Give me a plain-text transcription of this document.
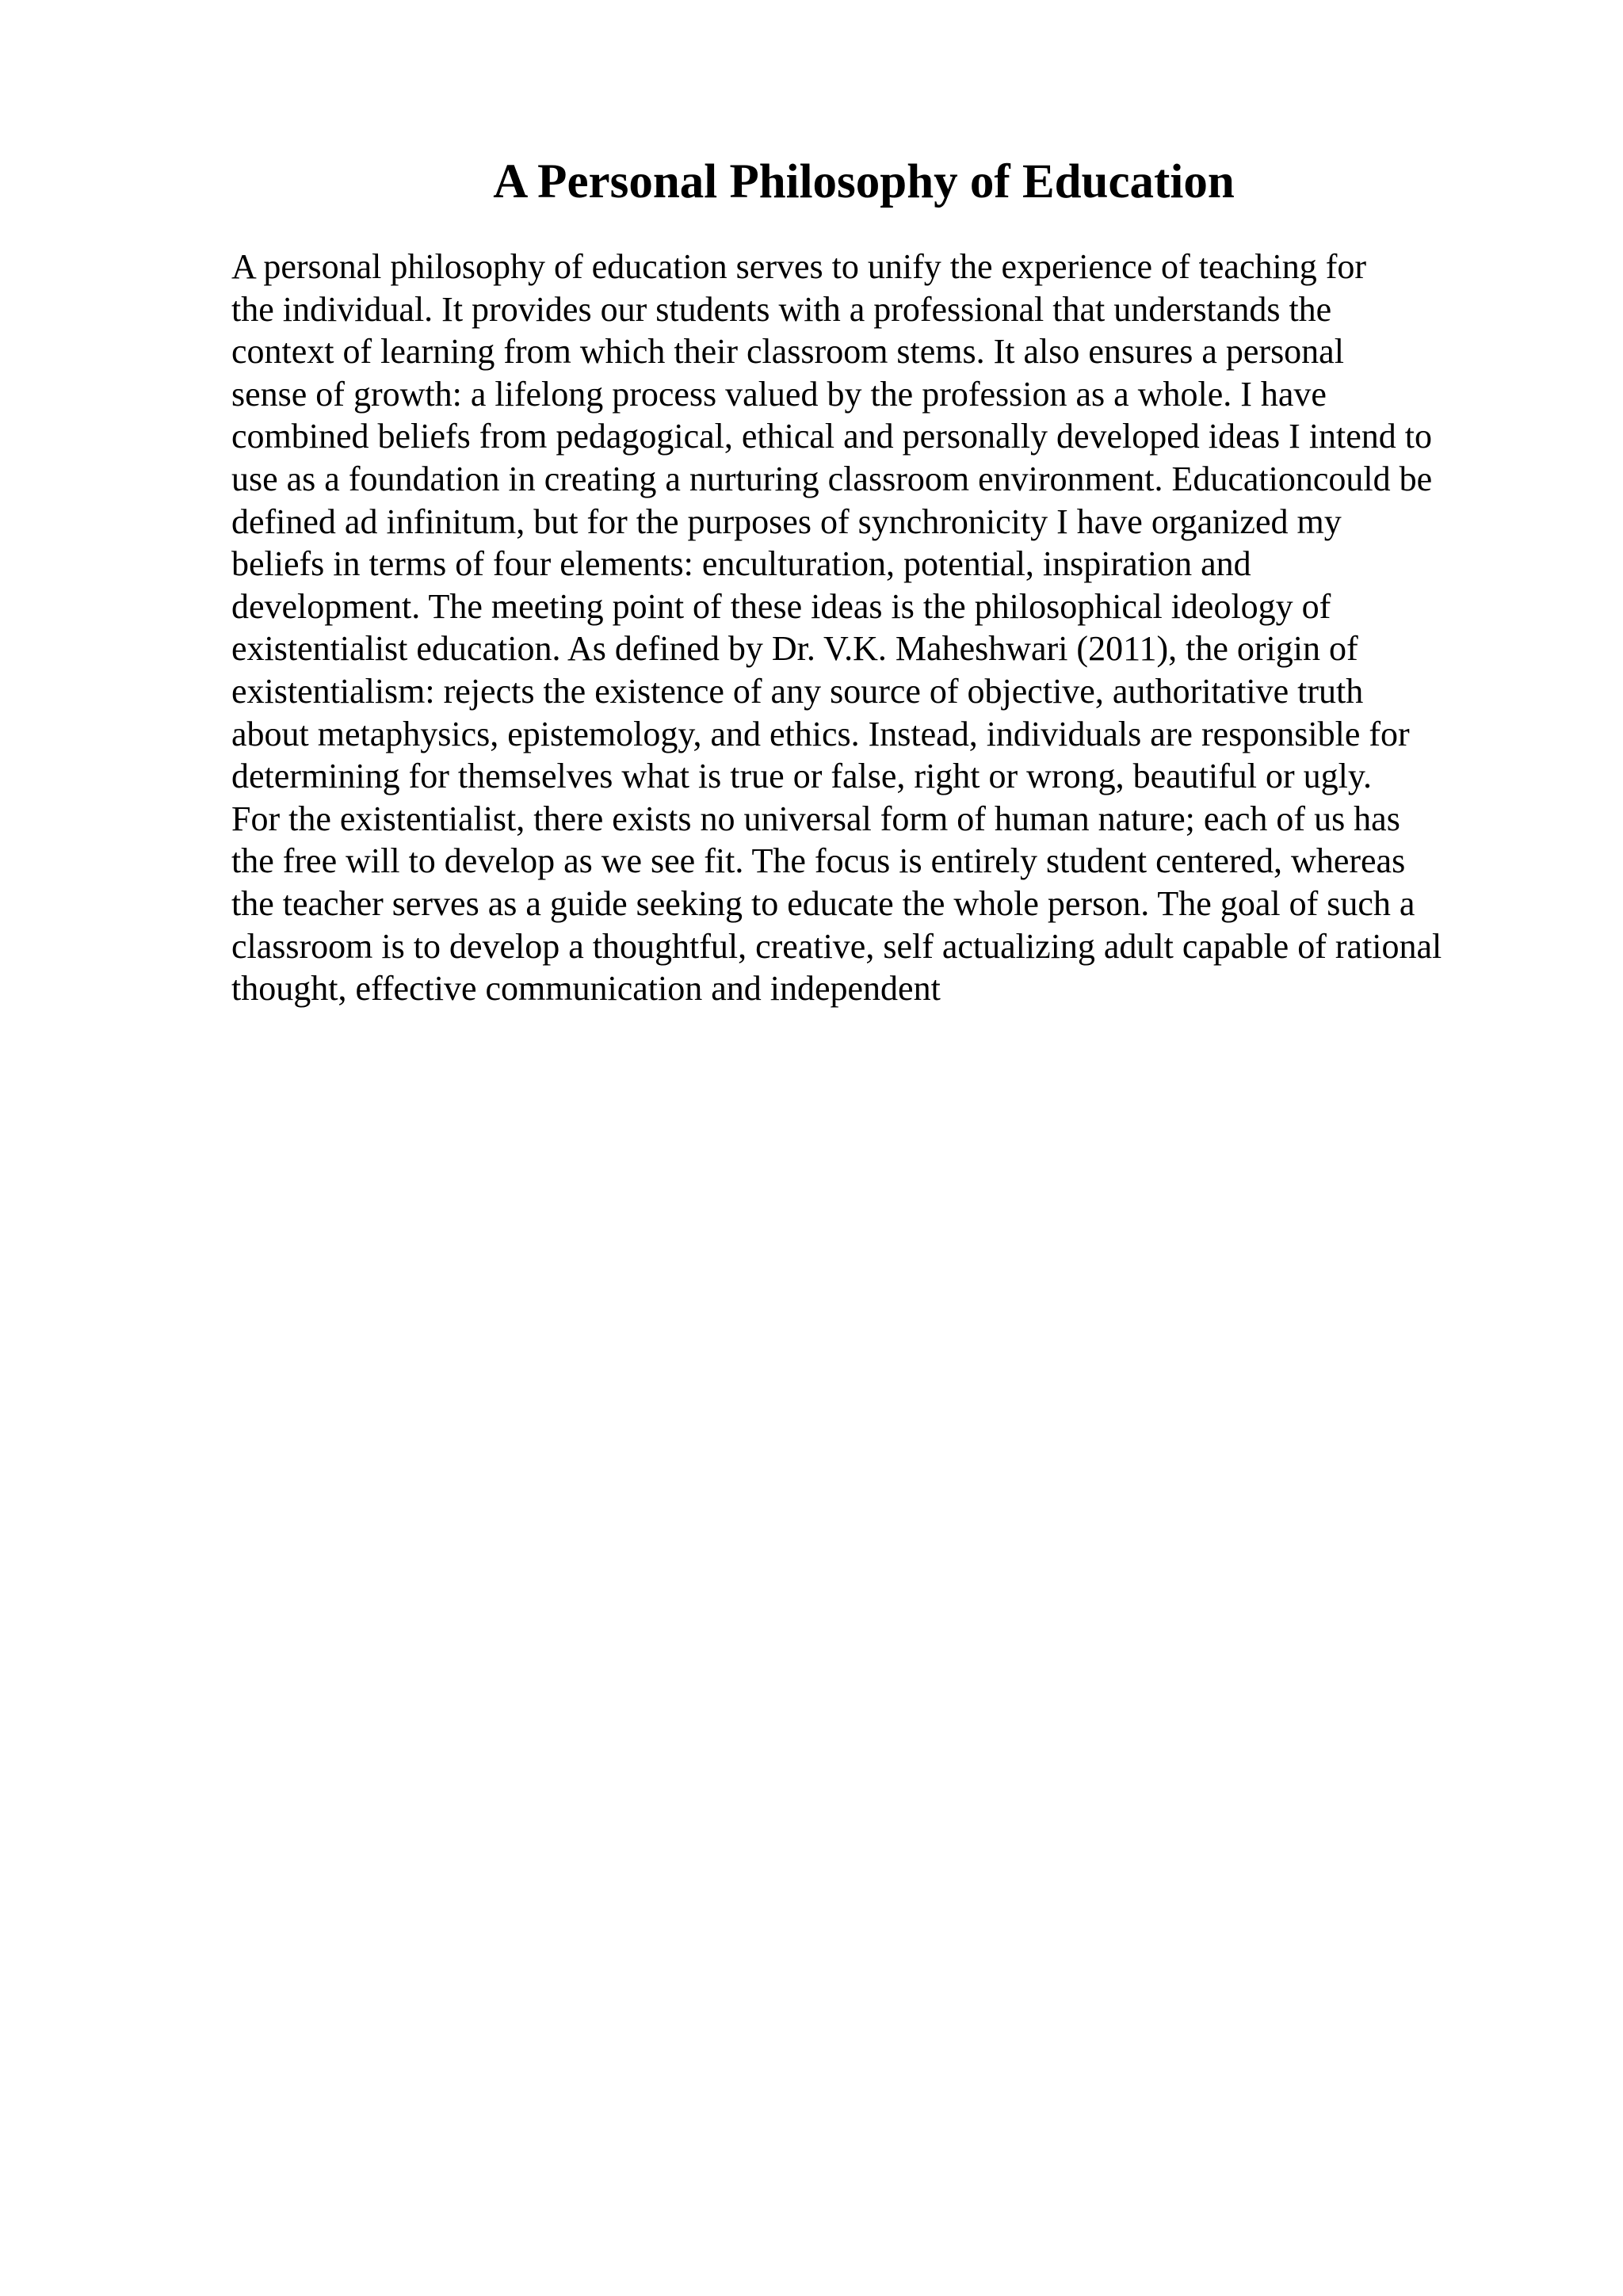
A Personal Philosophy of Education

A personal philosophy of education serves to unify the experience of teaching for
the individual. It provides our students with a professional that understands the
context of learning from which their classroom stems. It also ensures a personal
sense of growth: a lifelong process valued by the profession as a whole. I have
combined beliefs from pedagogical, ethical and personally developed ideas I intend to
use as a foundation in creating a nurturing classroom environment. Educationcould be
defined ad infinitum, but for the purposes of synchronicity I have organized my
beliefs in terms of four elements: enculturation, potential, inspiration and
development. The meeting point of these ideas is the philosophical ideology of
existentialist education. As defined by Dr. V.K. Maheshwari (2011), the origin of
existentialism: rejects the existence of any source of objective, authoritative truth
about metaphysics, epistemology, and ethics. Instead, individuals are responsible for
determining for themselves what is true or false, right or wrong, beautiful or ugly.
For the existentialist, there exists no universal form of human nature; each of us has
the free will to develop as we see fit. The focus is entirely student centered, whereas
the teacher serves as a guide seeking to educate the whole person. The goal of such a
classroom is to develop a thoughtful, creative, self actualizing adult capable of rational
thought, effective communication and independent
